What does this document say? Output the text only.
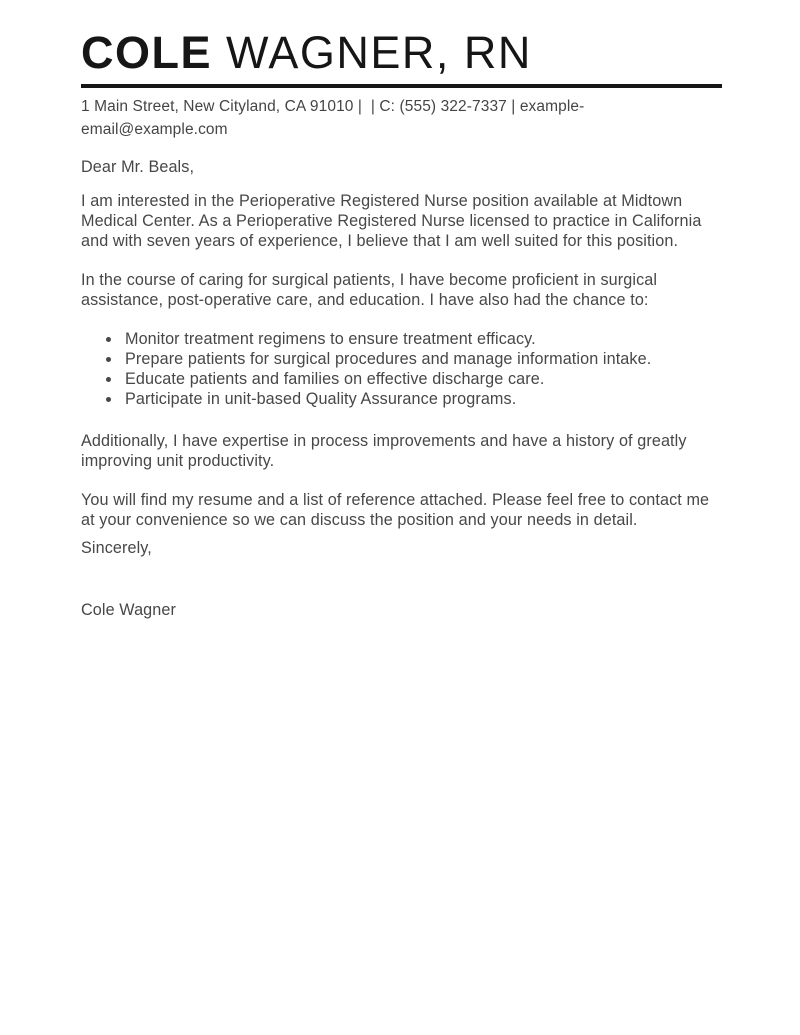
COLE WAGNER, RN
1 Main Street, New Cityland, CA 91010 |  | C: (555) 322-7337 | example-
email@example.com

Dear Mr. Beals,

I am interested in the Perioperative Registered Nurse position available at Midtown Medical Center. As a Perioperative Registered Nurse licensed to practice in California and with seven years of experience, I believe that I am well suited for this position.

In the course of caring for surgical patients, I have become proficient in surgical assistance, post-operative care, and education. I have also had the chance to:

• Monitor treatment regimens to ensure treatment efficacy.
• Prepare patients for surgical procedures and manage information intake.
• Educate patients and families on effective discharge care.
• Participate in unit-based Quality Assurance programs.

Additionally, I have expertise in process improvements and have a history of greatly improving unit productivity.

You will find my resume and a list of reference attached. Please feel free to contact me at your convenience so we can discuss the position and your needs in detail.

Sincerely,

Cole Wagner
